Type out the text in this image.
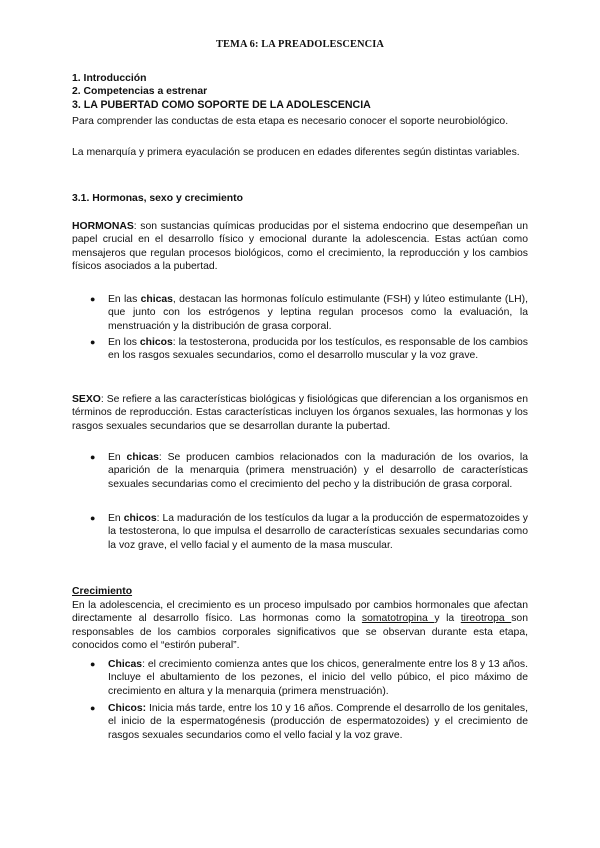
TEMA 6: LA PREADOLESCENCIA

1. Introducción

2. Competencias a estrenar

3. LA PUBERTAD COMO SOPORTE DE LA ADOLESCENCIA

Para comprender las conductas de esta etapa es necesario conocer el soporte neurobiológico.
La menarquía y primera eyaculación se producen en edades diferentes según distintas variables.
3.1. Hormonas, sexo y crecimiento
HORMONAS: son sustancias químicas producidas por el sistema endocrino que desempeñan un papel crucial en el desarrollo físico y emocional durante la adolescencia. Estas actúan como mensajeros que regulan procesos biológicos, como el crecimiento, la reproducción y los cambios físicos asociados a la pubertad.
● En las chicas, destacan las hormonas folículo estimulante (FSH) y lúteo estimulante (LH), que junto con los estrógenos y leptina regulan procesos como la evaluación, la menstruación y la distribución de grasa corporal.
● En los chicos: la testosterona, producida por los testículos, es responsable de los cambios en los rasgos sexuales secundarios, como el desarrollo muscular y la voz grave.
SEXO: Se refiere a las características biológicas y fisiológicas que diferencian a los organismos en términos de reproducción. Estas características incluyen los órganos sexuales, las hormonas y los rasgos sexuales secundarios que se desarrollan durante la pubertad.
● En chicas: Se producen cambios relacionados con la maduración de los ovarios, la aparición de la menarquia (primera menstruación) y el desarrollo de características sexuales secundarias como el crecimiento del pecho y la distribución de grasa corporal.
● En chicos: La maduración de los testículos da lugar a la producción de espermatozoides y la testosterona, lo que impulsa el desarrollo de características sexuales secundarias como la voz grave, el vello facial y el aumento de la masa muscular.
Crecimiento
En la adolescencia, el crecimiento es un proceso impulsado por cambios hormonales que afectan directamente al desarrollo físico. Las hormonas como la somatotropina y la tireotropa son responsables de los cambios corporales significativos que se observan durante esta etapa, conocidos como el “estirón puberal”.
● Chicas: el crecimiento comienza antes que los chicos, generalmente entre los 8 y 13 años. Incluye el abultamiento de los pezones, el inicio del vello púbico, el pico máximo de crecimiento en altura y la menarquia (primera menstruación).
● Chicos: Inicia más tarde, entre los 10 y 16 años. Comprende el desarrollo de los genitales, el inicio de la espermatogénesis (producción de espermatozoides) y el crecimiento de rasgos sexuales secundarios como el vello facial y la voz grave.
